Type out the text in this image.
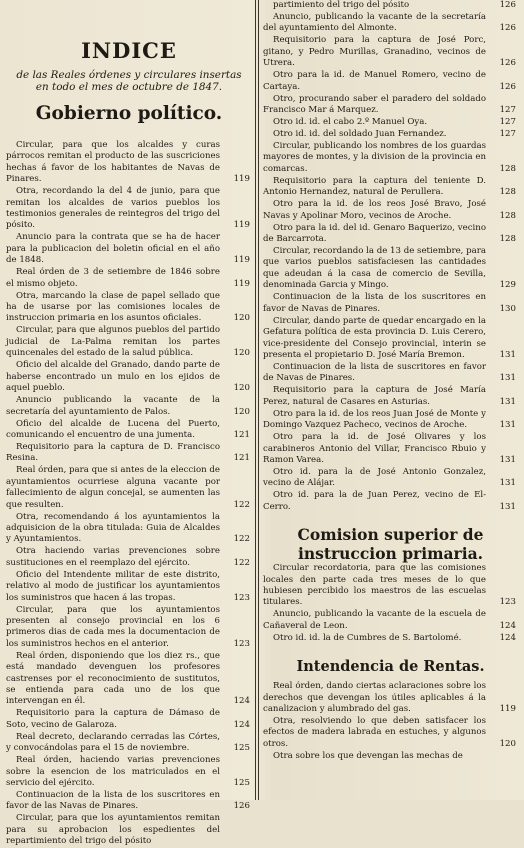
INDICE
de las Reales órdenes y circulares insertas en todo el mes de octubre de 1847.
Gobierno político.
Circular, para que los alcaldes y curas párrocos remitan el producto de las suscriciones hechas á favor de los habitantes de Navas de Pinares.	119
Otra, recordando la del 4 de junio, para que remitan los alcaldes de varios pueblos los testimonios generales de reintegros del trigo del pósito.	119
Anuncio para la contrata que se ha de hacer para la publicacion del boletin oficial en el año de 1848.	119
Real órden de 3 de setiembre de 1846 sobre el mismo objeto.	119
Otra, marcando la clase de papel sellado que ha de usarse por las comisiones locales de instruccion primaria en los asuntos oficiales.	120
Circular, para que algunos pueblos del partido judicial de La-Palma remitan los partes quincenales del estado de la salud pública.	120
Oficio del alcalde del Granado, dando parte de haberse encontrado un mulo en los ejidos de aquel pueblo.	120
Anuncio publicando la vacante de la secretaría del ayuntamiento de Palos.	120
Oficio del alcalde de Lucena del Puerto, comunicando el encuentro de una jumenta.	121
Requisitorio para la captura de D. Francisco Resina.	121
Real órden, para que si antes de la eleccion de ayuntamientos ocurriese alguna vacante por fallecimiento de algun concejal, se aumenten las que resulten.	122
Otra, recomendando á los ayuntamientos la adquisicion de la obra titulada: Guia de Alcaldes y Ayuntamientos.	122
Otra haciendo varias prevenciones sobre sustituciones en el reemplazo del ejército.	122
Oficio del Intendente militar de este distrito, relativo al modo de justificar los ayuntamientos los suministros que hacen á las tropas.	123
Circular, para que los ayuntamientos presenten al consejo provincial en los 6 primeros dias de cada mes la documentacion de los suministros hechos en el anterior.	123
Real órden, disponiendo que los diez rs., que está mandado devenguen los profesores castrenses por el reconocimiento de sustitutos, se entienda para cada uno de los que intervengan en él.	124
Requisitorio para la captura de Dámaso de Soto, vecino de Galaroza.	124
Real decreto, declarando cerradas las Córtes, y convocándolas para el 15 de noviembre.	125
Real órden, haciendo varias prevenciones sobre la esencion de los matriculados en el servicio del ejército.	125
Continuacion de la lista de los suscritores en favor de las Navas de Pinares.	126
Circular, para que los ayuntamientos remitan para su aprobacion los espedientes del repartimiento del trigo del pósito
partimiento del trigo del pósito	126
Anuncio, publicando la vacante de la secretaría del ayuntamiento del Almonte.	126
Requisitorio para la captura de José Porc, gitano, y Pedro Murillas, Granadino, vecinos de Utrera.	126
Otro para la id. de Manuel Romero, vecino de Cartaya.	126
Otro, procurando saber el paradero del soldado Francisco Mar á Marquez.	127
Otro id. id. el cabo 2.º Manuel Oya.	127
Otro id. id. del soldado Juan Fernandez.	127
Circular, publicando los nombres de los guardas mayores de montes, y la division de la provincia en comarcas.	128
Requisitorio para la captura del teniente D. Antonio Hernandez, natural de Perullera.	128
Otro para la id. de los reos José Bravo, José Navas y Apolinar Moro, vecinos de Aroche.	128
Otro para la id. del id. Genaro Baquerizo, vecino de Barcarrota.	128
Circular, recordando la de 13 de setiembre, para que varios pueblos satisfaciesen las cantidades que adeudan á la casa de comercio de Sevilla, denominada Garcia y Mingo.	129
Continuacion de la lista de los suscritores en favor de Navas de Pinares.	130
Circular, dando parte de quedar encargado en la Gefatura política de esta provincia D. Luis Cerero, vice-presidente del Consejo provincial, interin se presenta el propietario D. José María Bremon.	131
Continuacion de la lista de suscritores en favor de Navas de Pinares.	131
Requisitorio para la captura de José María Perez, natural de Casares en Asturias.	131
Otro para la id. de los reos Juan José de Monte y Domingo Vazquez Pacheco, vecinos de Aroche.	131
Otro para la id. de José Olivares y los carabineros Antonio del Villar, Francisco Rbuio y Ramon Varea.	131
Otro id. para la de José Antonio Gonzalez, vecino de Alájar.	131
Otro id. para la de Juan Perez, vecino de El-Cerro.	131
Comision superior de instruccion primaria.
Circular recordatoria, para que las comisiones locales den parte cada tres meses de lo que hubiesen percibido los maestros de las escuelas titulares.	123
Anuncio, publicando la vacante de la escuela de Cañaveral de Leon.	124
Otro id. id. la de Cumbres de S. Bartolomé.	124
Intendencia de Rentas.
Real órden, dando ciertas aclaraciones sobre los derechos que devengan los útiles aplicables á la canalizacion y alumbrado del gas.	119
Otra, resolviendo lo que deben satisfacer los efectos de madera labrada en estuches, y algunos otros.	120
Otra sobre los que devengan las mechas de
